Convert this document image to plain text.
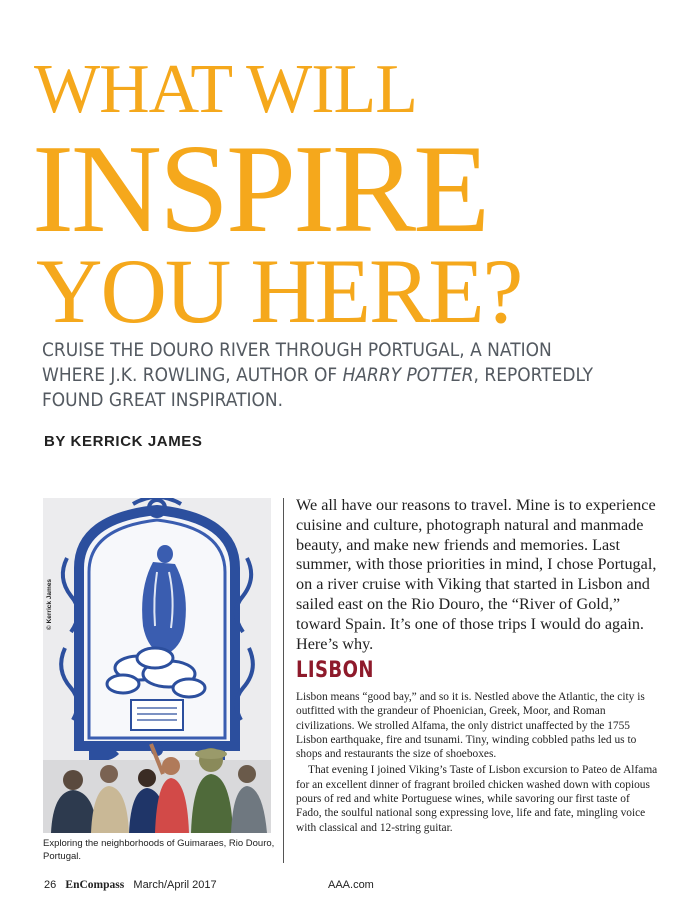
WHAT WILL
INSPIRE
YOU HERE?
CRUISE THE DOURO RIVER THROUGH PORTUGAL, A NATION WHERE J.K. ROWLING, AUTHOR OF HARRY POTTER, REPORTEDLY FOUND GREAT INSPIRATION.
BY KERRICK JAMES
© Kerrick James
Exploring the neighborhoods of Guimaraes, Rio Douro, Portugal.
We all have our reasons to travel. Mine is to experience cuisine and culture, photograph natural and manmade beauty, and make new friends and memories. Last summer, with those priorities in mind, I chose Portugal, on a river cruise with Viking that started in Lisbon and sailed east on the Rio Douro, the “River of Gold,” toward Spain. It’s one of those trips I would do again. Here’s why.
LISBON

Lisbon means “good bay,” and so it is. Nestled above the Atlantic, the city is outfitted with the grandeur of Phoenician, Greek, Moor, and Roman civilizations. We strolled Alfama, the only district unaffected by the 1755 Lisbon earthquake, fire and tsunami. Tiny, winding cobbled paths led us to shops and restaurants the size of shoeboxes.

That evening I joined Viking’s Taste of Lisbon excursion to Pateo de Alfama for an excellent dinner of fragrant broiled chicken washed down with copious pours of red and white Portuguese wines, while savoring our first taste of Fado, the soulful national song expressing love, life and fate, mingling voice with classical and 12-string guitar.

26 EnCompass March/April 2017	AAA.com
